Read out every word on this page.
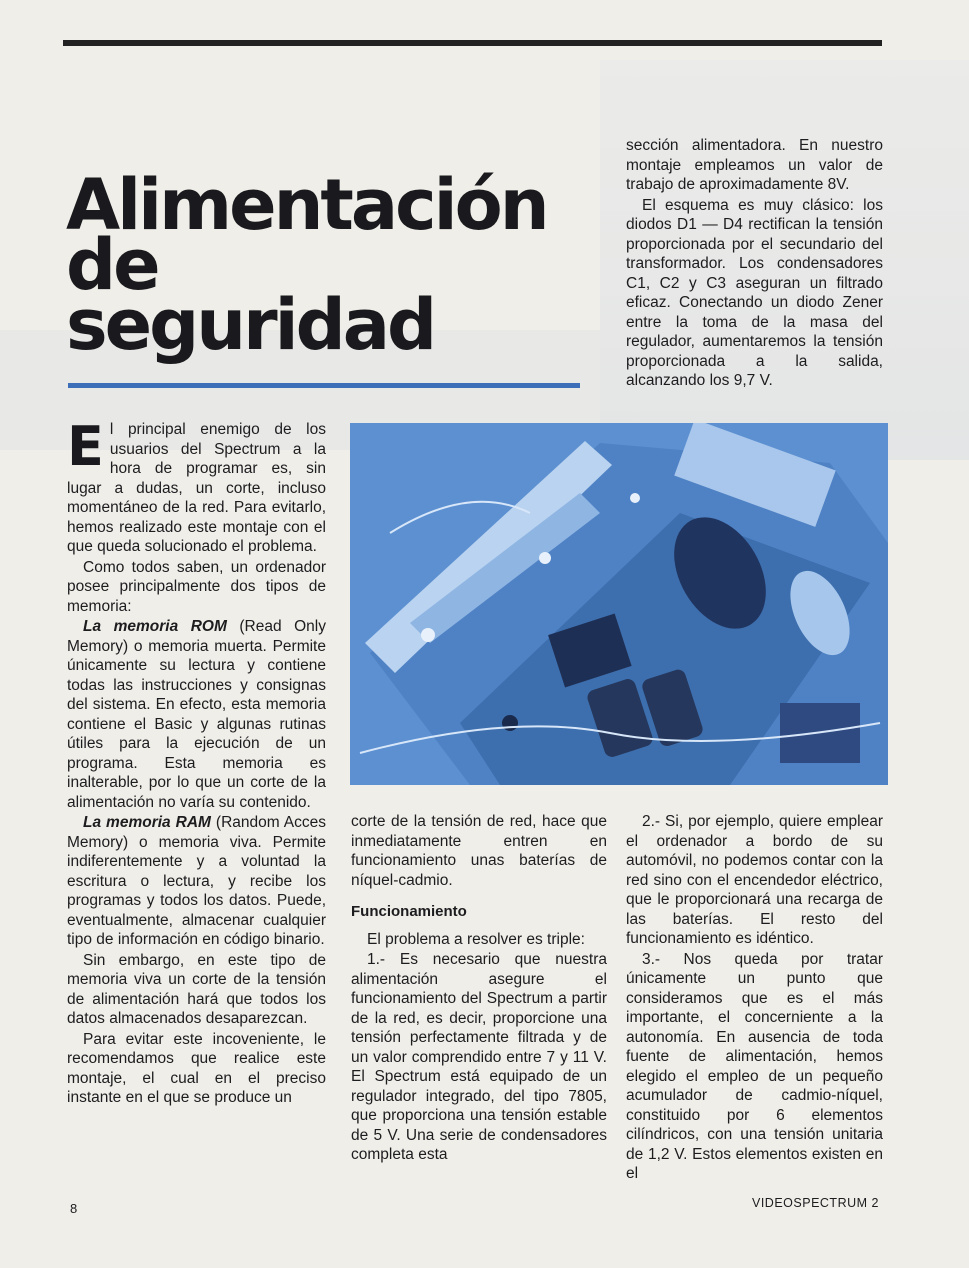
Alimentación
de
seguridad

El principal enemigo de los usuarios del Spectrum a la hora de programar es, sin lugar a dudas, un corte, incluso momentáneo de la red. Para evitarlo, hemos realizado este montaje con el que queda solucionado el problema.

Como todos saben, un ordenador posee principalmente dos tipos de memoria:

La memoria ROM (Read Only Memory) o memoria muerta. Permite únicamente su lectura y contiene todas las instrucciones y consignas del sistema. En efecto, esta memoria contiene el Basic y algunas rutinas útiles para la ejecución de un programa. Esta memoria es inalterable, por lo que un corte de la alimentación no varía su contenido.

La memoria RAM (Random Acces Memory) o memoria viva. Permite indiferentemente y a voluntad la escritura o lectura, y recibe los programas y todos los datos. Puede, eventualmente, almacenar cualquier tipo de información en código binario.

Sin embargo, en este tipo de memoria viva un corte de la tensión de alimentación hará que todos los datos almacenados desaparezcan.

Para evitar este incoveniente, le recomendamos que realice este montaje, el cual en el preciso instante en el que se produce un

corte de la tensión de red, hace que inmediatamente entren en funcionamiento unas baterías de níquel-cadmio.

Funcionamiento

El problema a resolver es triple:

1.- Es necesario que nuestra alimentación asegure el funcionamiento del Spectrum a partir de la red, es decir, proporcione una tensión perfectamente filtrada y de un valor comprendido entre 7 y 11 V. El Spectrum está equipado de un regulador integrado, del tipo 7805, que proporciona una tensión estable de 5 V. Una serie de condensadores completa esta

sección alimentadora. En nuestro montaje empleamos un valor de trabajo de aproximadamente 8V.

El esquema es muy clásico: los diodos D1 — D4 rectifican la tensión proporcionada por el secundario del transformador. Los condensadores C1, C2 y C3 aseguran un filtrado eficaz. Conectando un diodo Zener entre la toma de la masa del regulador, aumentaremos la tensión proporcionada a la salida, alcanzando los 9,7 V.

2.- Si, por ejemplo, quiere emplear el ordenador a bordo de su automóvil, no podemos contar con la red sino con el encendedor eléctrico, que le proporcionará una recarga de las baterías. El resto del funcionamiento es idéntico.

3.- Nos queda por tratar únicamente un punto que consideramos que es el más importante, el concerniente a la autonomía. En ausencia de toda fuente de alimentación, hemos elegido el empleo de un pequeño acumulador de cadmio-níquel, constituido por 6 elementos cilíndricos, con una tensión unitaria de 1,2 V. Estos elementos existen en el

8	VIDEOSPECTRUM 2
